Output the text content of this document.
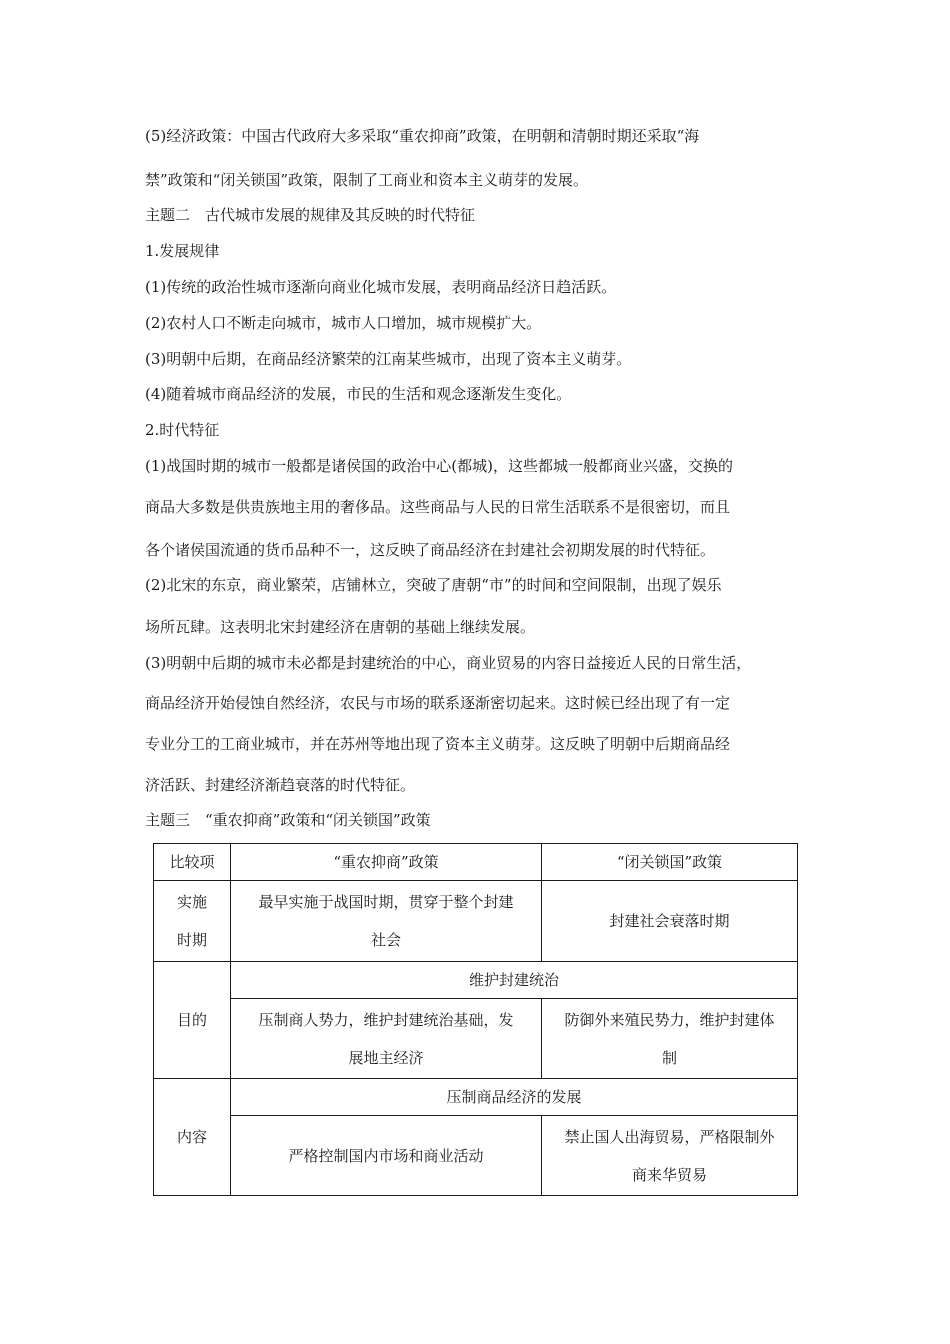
(5)经济政策：中国古代政府大多采取“重农抑商”政策，在明朝和清朝时期还采取“海
禁”政策和“闭关锁国”政策，限制了工商业和资本主义萌芽的发展。
主题二　古代城市发展的规律及其反映的时代特征
1.发展规律
(1)传统的政治性城市逐渐向商业化城市发展，表明商品经济日趋活跃。
(2)农村人口不断走向城市，城市人口增加，城市规模扩大。
(3)明朝中后期，在商品经济繁荣的江南某些城市，出现了资本主义萌芽。
(4)随着城市商品经济的发展，市民的生活和观念逐渐发生变化。
2.时代特征
(1)战国时期的城市一般都是诸侯国的政治中心(都城)，这些都城一般都商业兴盛，交换的
商品大多数是供贵族地主用的奢侈品。这些商品与人民的日常生活联系不是很密切，而且
各个诸侯国流通的货币品种不一，这反映了商品经济在封建社会初期发展的时代特征。
(2)北宋的东京，商业繁荣，店铺林立，突破了唐朝“市”的时间和空间限制，出现了娱乐
场所瓦肆。这表明北宋封建经济在唐朝的基础上继续发展。
(3)明朝中后期的城市未必都是封建统治的中心，商业贸易的内容日益接近人民的日常生活，
商品经济开始侵蚀自然经济，农民与市场的联系逐渐密切起来。这时候已经出现了有一定
专业分工的工商业城市，并在苏州等地出现了资本主义萌芽。这反映了明朝中后期商品经
济活跃、封建经济渐趋衰落的时代特征。
主题三　“重农抑商”政策和“闭关锁国”政策
比较项	“重农抑商”政策	“闭关锁国”政策

实施
时期	最早实施于战国时期，贯穿于整个封建
社会	封建社会衰落时期
目的	维护封建统治	

	压制商人势力，维护封建统治基础，发
展地主经济	防御外来殖民势力，维护封建体
制

内容	压制商品经济的发展	
	严格控制国内市场和商业活动	禁止国人出海贸易，严格限制外
商来华贸易
